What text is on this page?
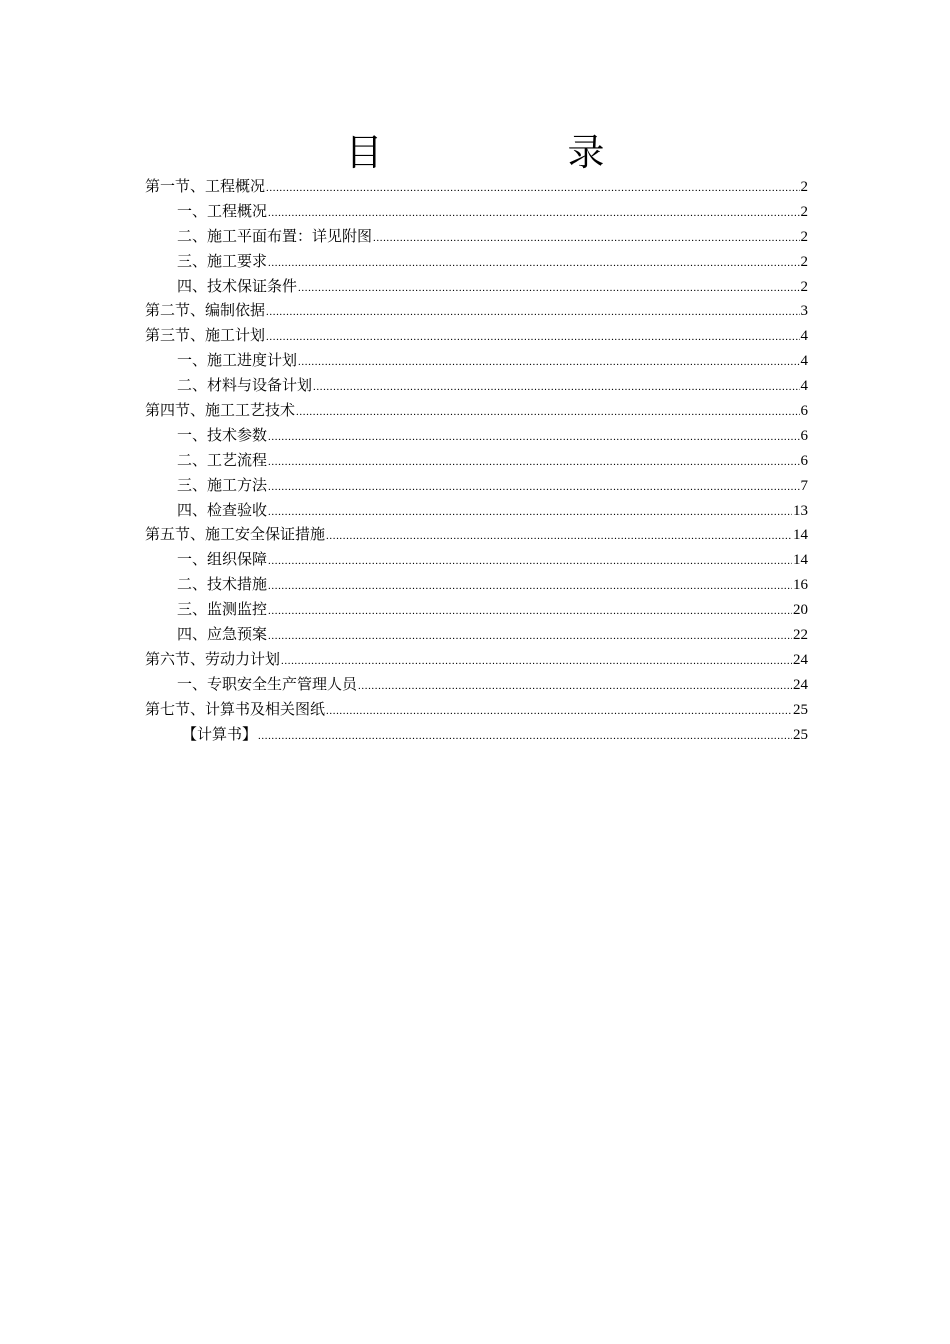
目　录
第一节、工程概况 .....	2
一、工程概况 .....	2
二、施工平面布置：详见附图 .....	2
三、施工要求 .....	2
四、技术保证条件 .....	2
第二节、编制依据 .....	3
第三节、施工计划 .....	4
一、施工进度计划 .....	4
二、材料与设备计划 .....	4
第四节、施工工艺技术 .....	6
一、技术参数 .....	6
二、工艺流程 .....	6
三、施工方法 .....	7
四、检查验收 .....	13
第五节、施工安全保证措施 .....	14
一、组织保障 .....	14
二、技术措施 .....	16
三、监测监控 .....	20
四、应急预案 .....	22
第六节、劳动力计划 .....	24
一、专职安全生产管理人员 .....	24
第七节、计算书及相关图纸 .....	25
【计算书】 .....	25
